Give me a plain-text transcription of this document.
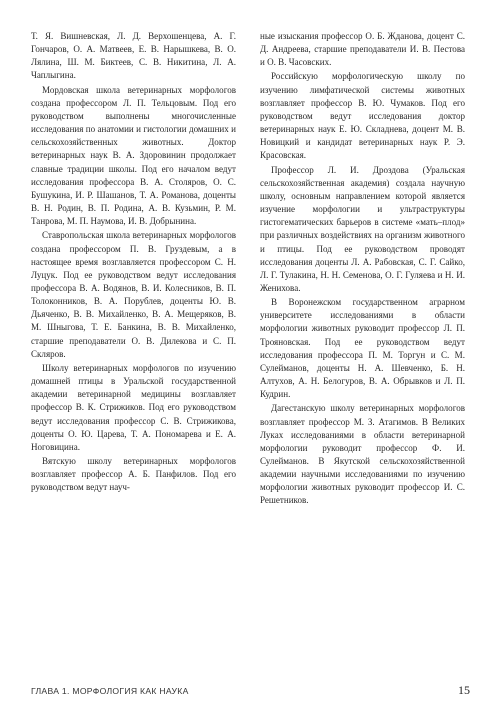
Т. Я. Вишневская, Л. Д. Верхошенцева, А. Г. Гончаров, О. А. Матвеев, Е. В. Нарышкева, В. О. Лялина, Ш. М. Биктеев, С. В. Никитина, Л. А. Чаплыгина.

Мордовская школа ветеринарных морфологов создана профессором Л. П. Тельцовым. Под его руководством выполнены многочисленные исследования по анатомии и гистологии домашних и сельскохозяйственных животных. Доктор ветеринарных наук В. А. Здоровинин продолжает славные традиции школы. Под его началом ведут исследования профессора В. А. Столяров, О. С. Бушукина, И. Р. Шашанов, Т. А. Романова, доценты В. Н. Родин, В. П. Родина, А. В. Кузьмин, Р. М. Танрова, М. П. Наумова, И. В. Добрынина.

Ставропольская школа ветеринарных морфологов создана профессором П. В. Груздевым, а в настоящее время возглавляется профессором С. Н. Луцук. Под ее руководством ведут исследования профессора В. А. Водянов, В. И. Колесников, В. П. Толоконников, В. А. Порублев, доценты Ю. В. Дьяченко, В. В. Михайленко, В. А. Мещеряков, В. М. Шныгова, Т. Е. Банкина, В. В. Михайленко, старшие преподаватели О. В. Дилекова и С. П. Скляров.

Школу ветеринарных морфологов по изучению домашней птицы в Уральской государственной академии ветеринарной медицины возглавляет профессор В. К. Стрижиков. Под его руководством ведут исследования профессор С. В. Стрижикова, доценты О. Ю. Царева, Т. А. Пономарева и Е. А. Ноговицина.

Вятскую школу ветеринарных морфологов возглавляет профессор А. Б. Панфилов. Под его руководством ведут науч-

ные изыскания профессор О. Б. Жданова, доцент С. Д. Андреева, старшие преподаватели И. В. Пестова и О. В. Часовских.

Российскую морфологическую школу по изучению лимфатической системы животных возглавляет профессор В. Ю. Чумаков. Под его руководством ведут исследования доктор ветеринарных наук Е. Ю. Складнева, доцент М. В. Новицкий и кандидат ветеринарных наук Р. Э. Красовская.

Профессор Л. И. Дроздова (Уральская сельскохозяйственная академия) создала научную школу, основным направлением которой является изучение морфологии и ультраструктуры гистогематических барьеров в системе «мать–плод» при различных воздействиях на организм животного и птицы. Под ее руководством проводят исследования доценты Л. А. Рабовская, С. Г. Сайко, Л. Г. Тулакина, Н. Н. Семенова, О. Г. Гуляева и Н. И. Женихова.

В Воронежском государственном аграрном университете исследованиями в области морфологии животных руководит профессор Л. П. Трояновская. Под ее руководством ведут исследования профессора П. М. Торгун и С. М. Сулейманов, доценты Н. А. Шевченко, Б. Н. Алтухов, А. Н. Белогуров, В. А. Обрывков и Л. П. Кудрин.

Дагестанскую школу ветеринарных морфологов возглавляет профессор М. З. Атагимов. В Великих Луках исследованиями в области ветеринарной морфологии руководит профессор Ф. И. Сулейманов. В Якутской сельскохозяйственной академии научными исследованиями по изучению морфологии животных руководит профессор И. С. Решетников.

ГЛАВА 1. МОРФОЛОГИЯ КАК НАУКА	15
